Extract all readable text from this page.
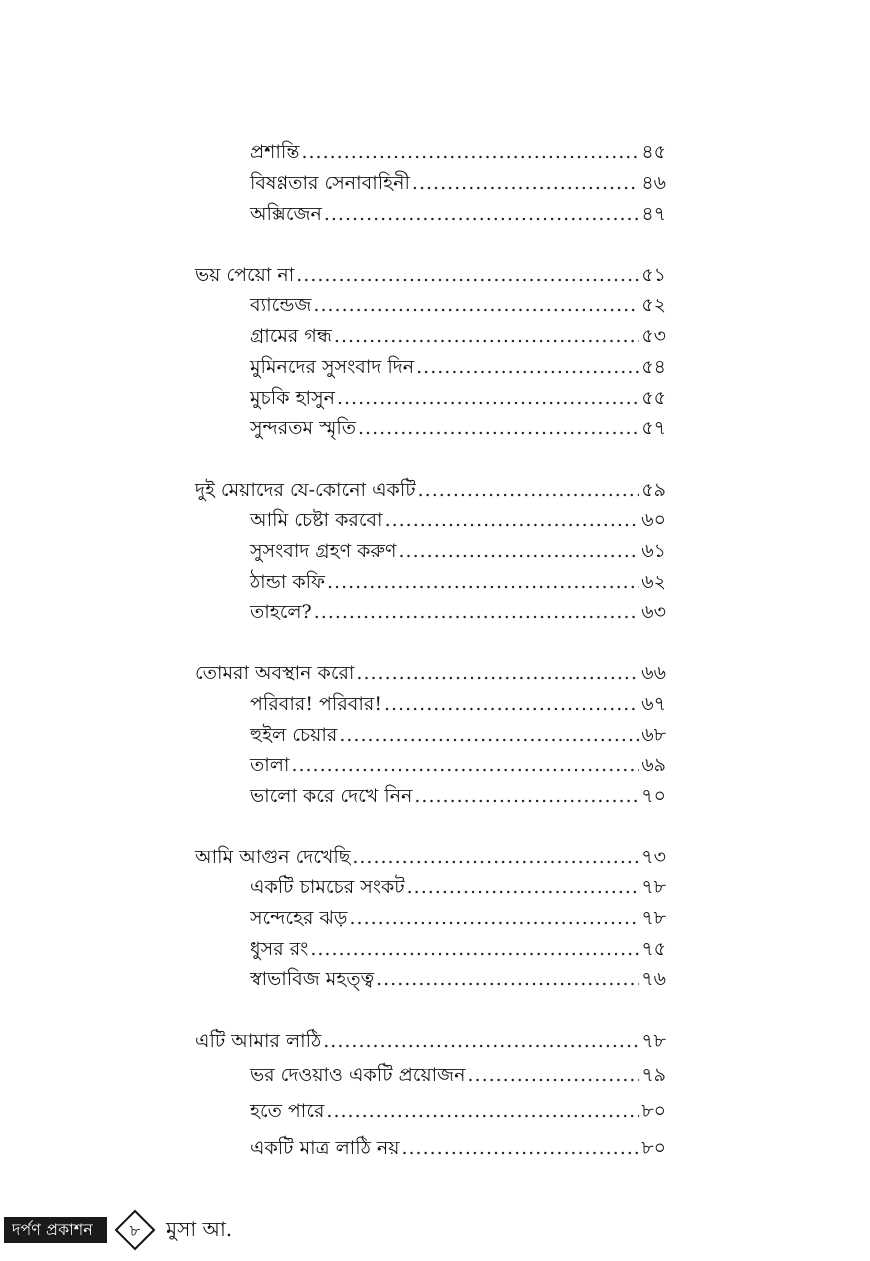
প্রশান্তি .....	৪৫
বিষণ্ণতার সেনাবাহিনী .....	৪৬
অক্সিজেন .....	৪৭
ভয় পেয়ো না .....	৫১
ব্যান্ডেজ .....	৫২
গ্রামের গন্ধ .....	৫৩
মুমিনদের সুসংবাদ দিন .....	৫৪
মুচকি হাসুন .....	৫৫
সুন্দরতম স্মৃতি .....	৫৭
দুই মেয়াদের যে-কোনো একটি .....	৫৯
আমি চেষ্টা করবো .....	৬০
সুসংবাদ গ্রহণ করুণ .....	৬১
ঠান্ডা কফি .....	৬২
তাহলে? .....	৬৩
তোমরা অবস্থান করো .....	৬৬
পরিবার! পরিবার! .....	৬৭
হুইল চেয়ার .....	৬৮
তালা .....	৬৯
ভালো করে দেখে নিন .....	৭০
আমি আগুন দেখেছি .....	৭৩
একটি চামচের সংকট .....	৭৮
সন্দেহের ঝড় .....	৭৮
ধুসর রং .....	৭৫
স্বাভাবিজ মহত্ত্ব .....	৭৬
এটি আমার লাঠি .....	৭৮
ভর দেওয়াও একটি প্রয়োজন .....	৭৯
হতে পারে .....	৮০
একটি মাত্র লাঠি নয় .....	৮০
দর্পণ প্রকাশন	৮ মুসা আ.
